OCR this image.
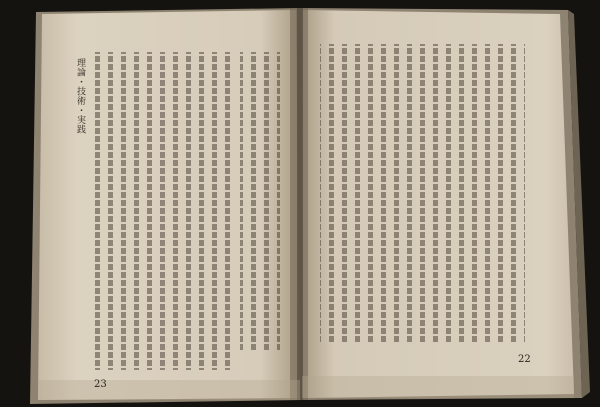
理論・技術・実践
23
22
